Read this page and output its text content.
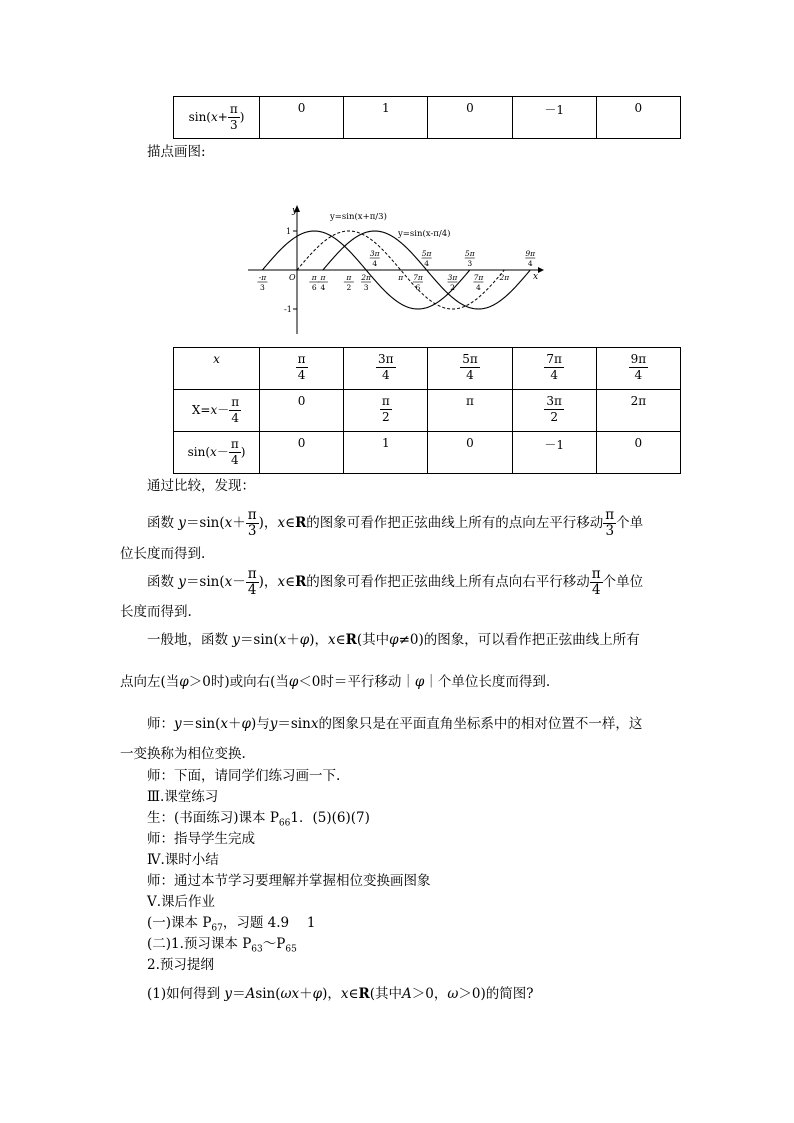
$\sin(x+ \frac{\pi}{3}$ )	0	1	0	－1	0
描点画图:
y
x
O
1
-1
y=sin(x+π/3)
y=sin(x-π/4)
-π
3
π
6
π
4
π
2
2π
3
3π
4
π 7π
6
5π
4
5π
3
3π
2
7π
4
2π
9π
4
x	$\frac{\pi}{4}$	$\frac{3\pi}{4}$	$\frac{5\pi}{4}$	$\frac{7\pi}{4}$	$\frac{9\pi}{4}$

$X=x- \frac{\pi}{4}$	0	$\frac{\pi}{2}$	π	$\frac{3\pi}{2}$	2π
$\sin(x- \frac{\pi}{4}$ )	0	1	0	－1	0
通过比较，发现：
函数 $y=\sin(x+ \frac{\pi}{3}$ )，x∈R的图象可看作把正弦曲线上所有的点向左平行移动 $\frac{\pi}{3}$ 个单
位长度而得到.
函数 $y=\sin(x- \frac{\pi}{4}$ )，x∈R的图象可看作把正弦曲线上所有点向右平行移动 $\frac{\pi}{4}$ 个单位
长度而得到.
一般地，函数 y＝sin(x＋φ)，x∈R(其中φ≠0)的图象，可以看作把正弦曲线上所有
点向左(当φ＞0时)或向右(当φ＜0时＝平行移动｜φ｜个单位长度而得到.
师：y＝sin(x＋φ)与y＝sinx的图象只是在平面直角坐标系中的相对位置不一样，这
一变换称为相位变换.
师：下面，请同学们练习画一下.
Ⅲ.课堂练习
生：(书面练习)课本 $P_{66}1$．(5)(6)(7)
师：指导学生完成
Ⅳ.课时小结
师：通过本节学习要理解并掌握相位变换画图象
Ⅴ.课后作业
(一)课本 $P_{67}$，习题 4.9　 1
(二)1.预习课本 $P_{63}\sim P_{65}$
2.预习提纲
(1)如何得到 y＝Asin(ωx＋φ)，x∈R(其中A＞0，ω＞0)的简图?
